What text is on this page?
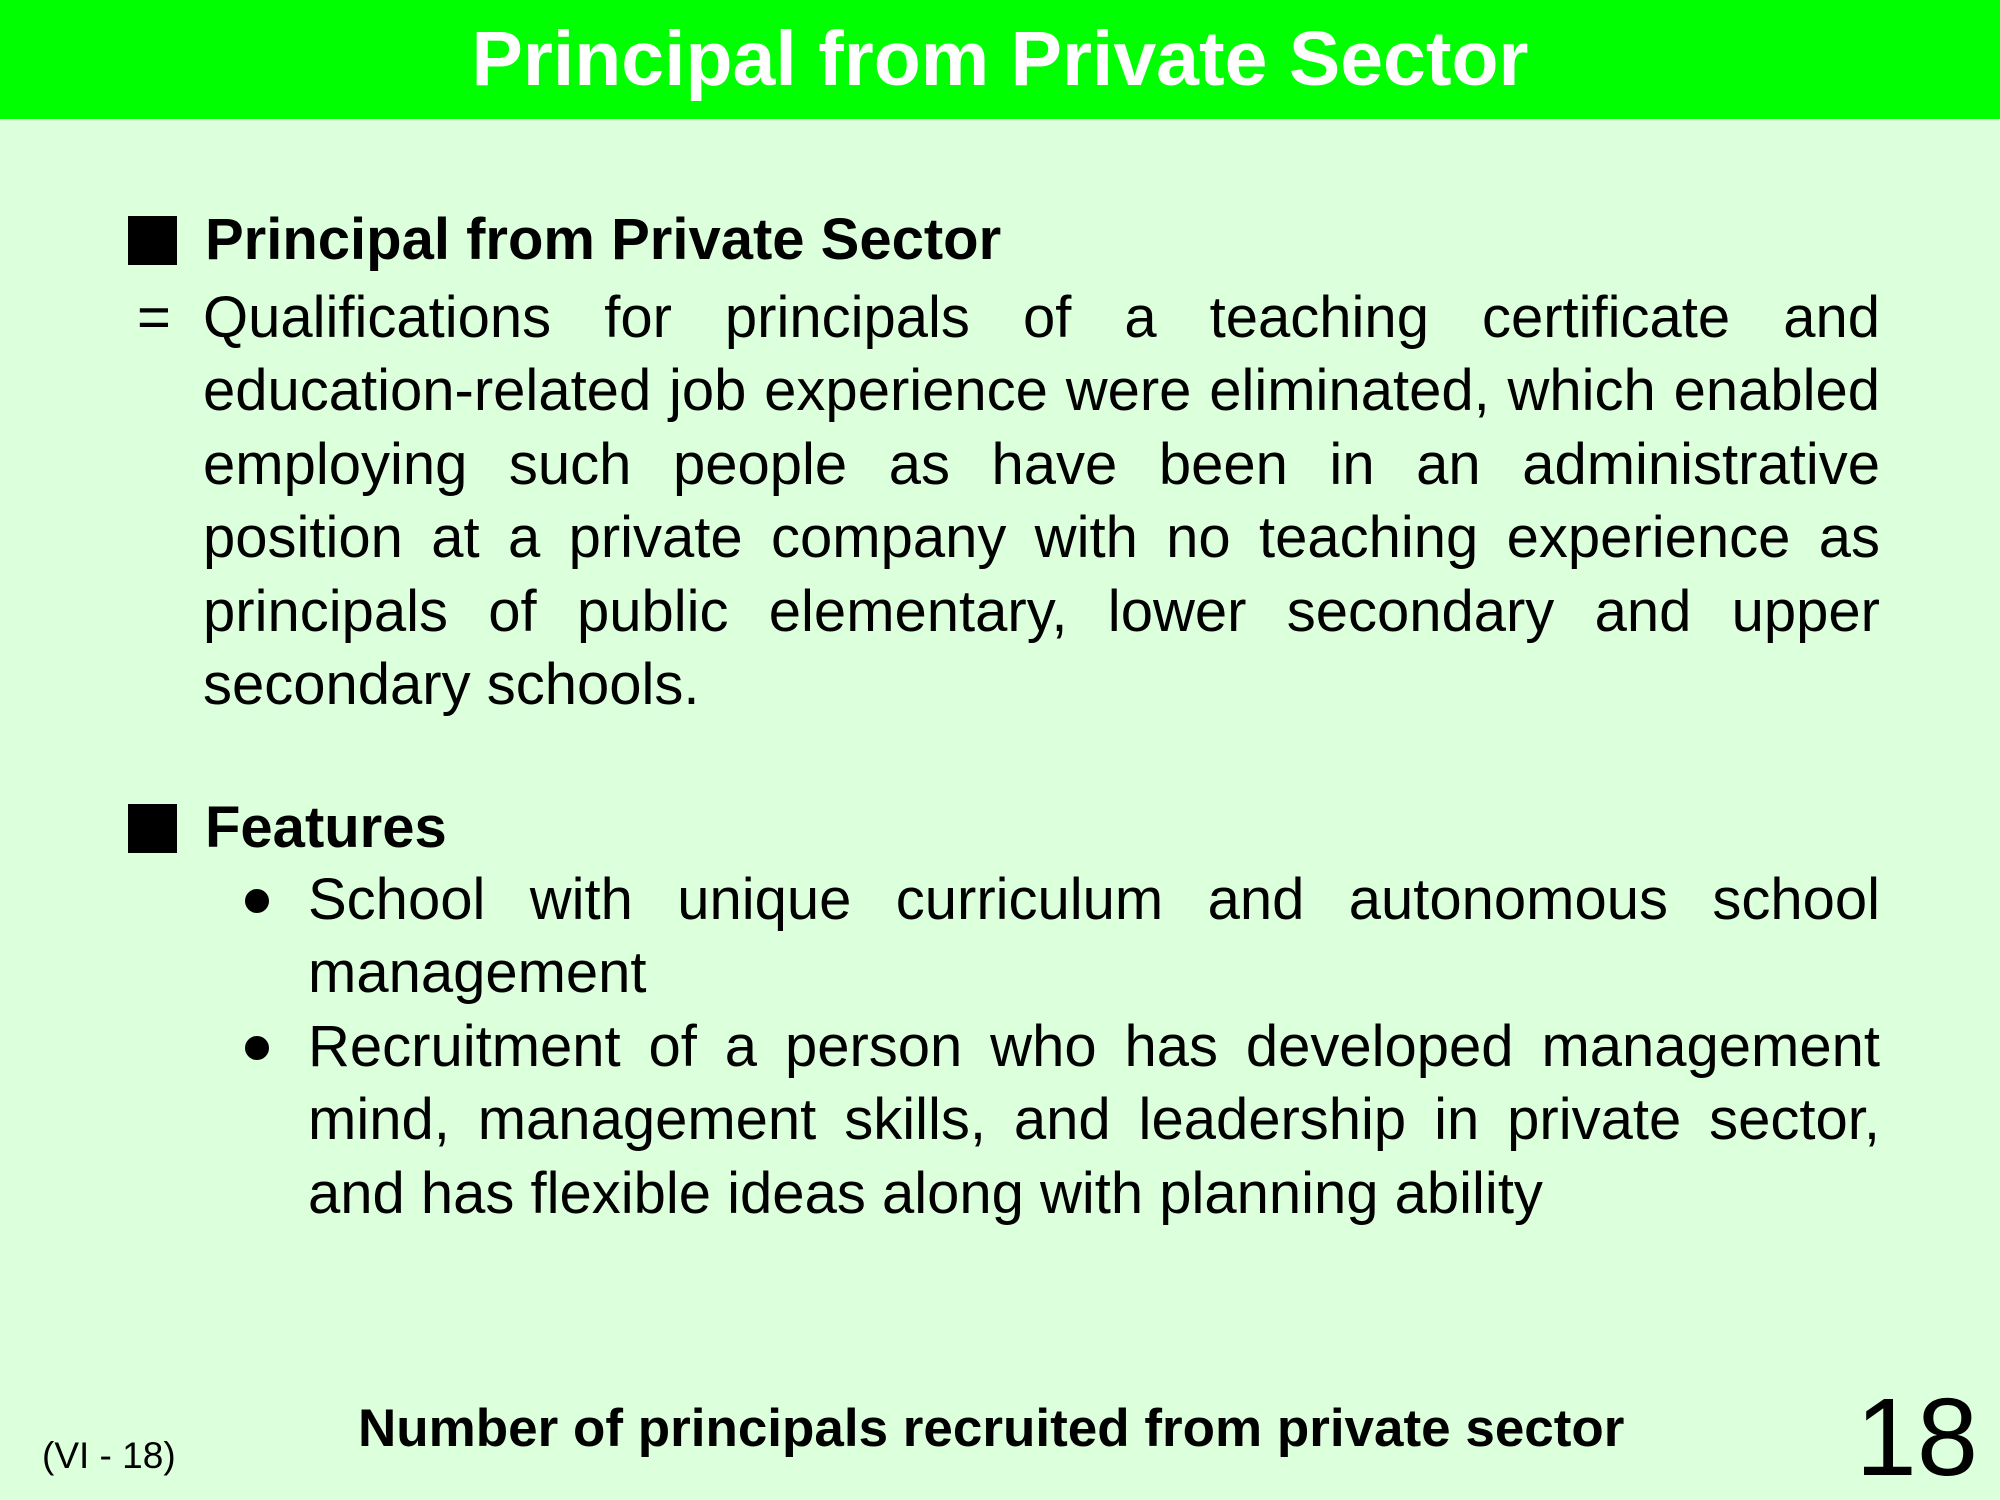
Principal from Private Sector
Principal from Private Sector
= Qualifications for principals of a teaching certificate and education-related job experience were eliminated, which enabled employing such people as have been in an administrative position at a private company with no teaching experience as principals of public elementary, lower secondary and upper secondary schools.

Features
School with unique curriculum and autonomous school management
Recruitment of a person who has developed management mind, management skills, and leadership in private sector, and has flexible ideas along with planning ability
(VI - 18)	Number of principals recruited from private sector 18
